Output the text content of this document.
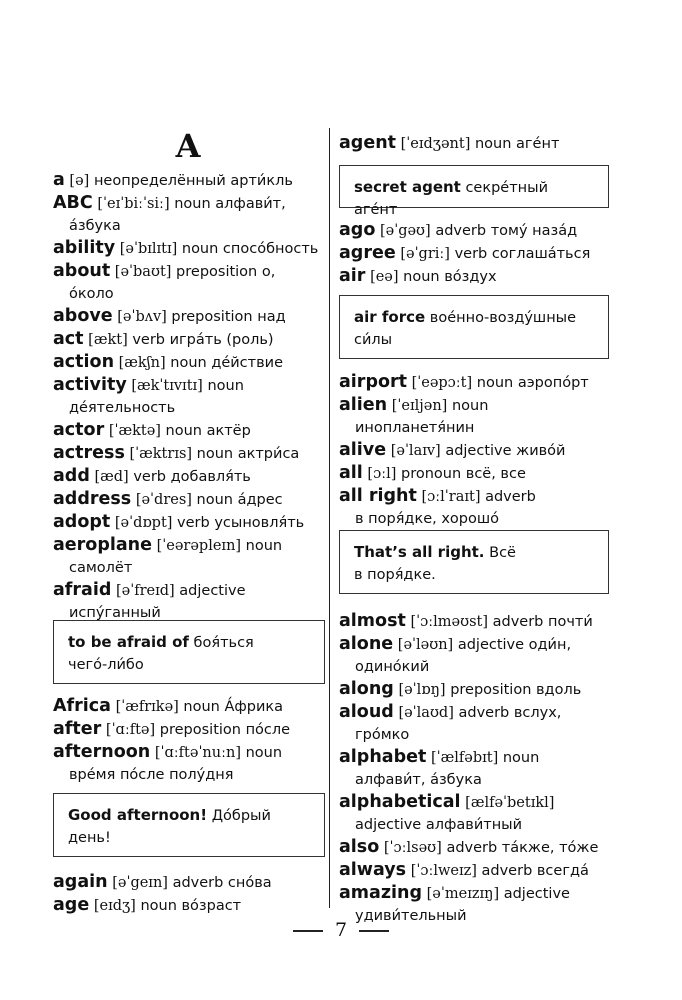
A
a [ə] неопределённый арти́кль
ABC [ˈeɪˈbiːˈsiː] noun алфави́т,
а́збука
ability [əˈbɪlɪtɪ] noun спосо́бность
about [əˈbaʊt] preposition о,
о́коло
above [əˈbʌv] preposition над
act [ækt] verb игра́ть (роль)
action [ækʃn] noun де́йствие
activity [ækˈtɪvɪtɪ] noun
де́ятельность
actor [ˈæktə] noun актёр
actress [ˈæktrɪs] noun актри́са
add [æd] verb добавля́ть
address [əˈdres] noun а́дрес
adopt [əˈdɒpt] verb усыновля́ть
aeroplane [ˈeərəpleɪn] noun
самолёт
afraid [əˈfreɪd] adjective
испу́ганный
to be afraid of боя́ться
чего́-ли́бо
Africa [ˈæfrɪkə] noun А́фрика
after [ˈɑːftə] preposition по́сле
afternoon [ˈɑːftəˈnuːn] noun
вре́мя по́сле полу́дня
Good afternoon! До́брый
день!
again [əˈgeɪn] adverb сно́ва
age [eɪdʒ] noun во́зраст
agent [ˈeɪdʒənt] noun аге́нт
secret agent секре́тный аге́нт
ago [əˈgəʊ] adverb тому́ наза́д
agree [əˈgriː] verb соглаша́ться
air [eə] noun во́здух
air force вое́нно-возду́шные
си́лы
airport [ˈeəpɔːt] noun аэропо́рт
alien [ˈeɪljən] noun
инопланетя́нин
alive [əˈlaɪv] adjective живо́й
all [ɔːl] pronoun всё, все
all right [ɔːlˈraɪt] adverb
в поря́дке, хорошо́
That’s all right. Всё
в поря́дке.
almost [ˈɔːlməʊst] adverb почти́
alone [əˈləʊn] adjective оди́н,
одино́кий
along [əˈlɒŋ] preposition вдоль
aloud [əˈlaʊd] adverb вслух,
гро́мко
alphabet [ˈælfəbɪt] noun
алфави́т, а́збука
alphabetical [ælfəˈbetɪkl]
adjective алфави́тный
also [ˈɔːlsəʊ] adverb та́кже, то́же
always [ˈɔːlweɪz] adverb всегда́
amazing [əˈmeɪzɪŋ] adjective
удиви́тельный
7
